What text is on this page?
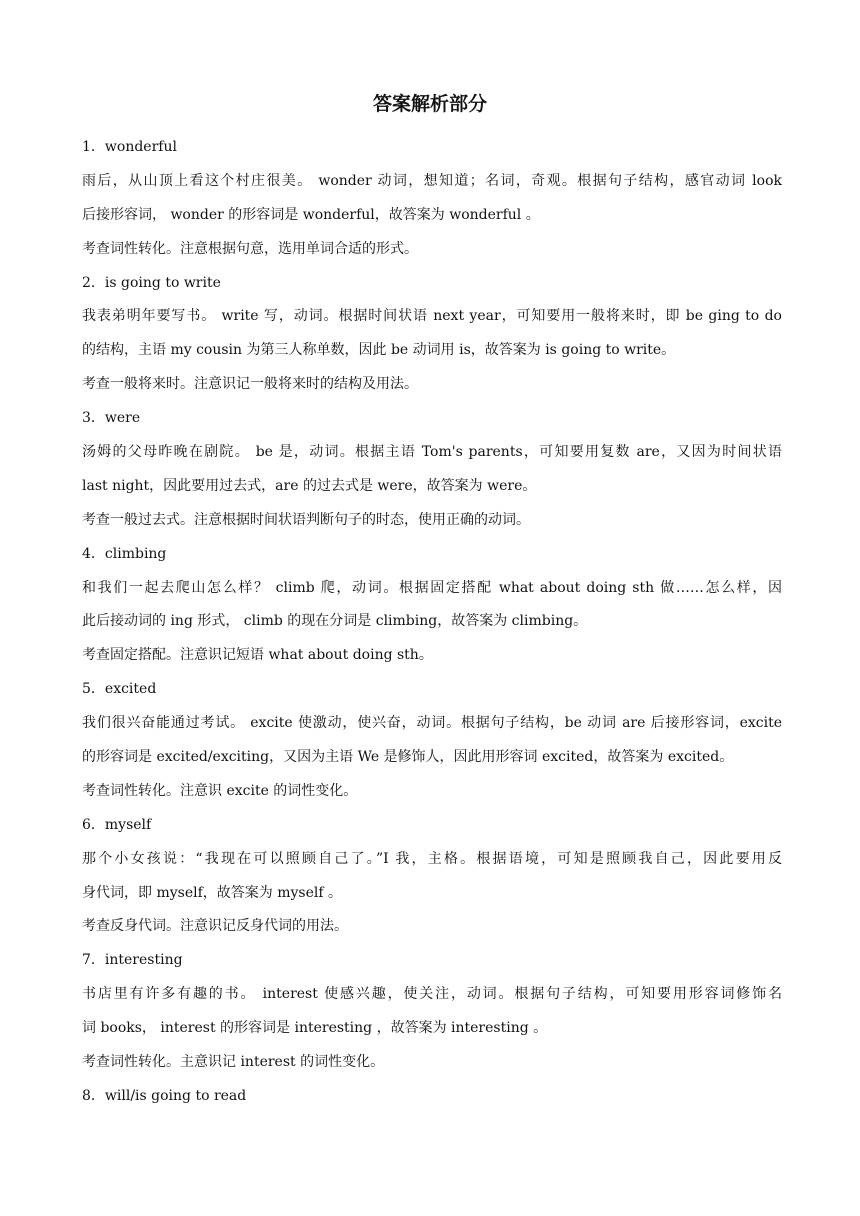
答案解析部分
1．wonderful
雨后，从山顶上看这个村庄很美。 wonder 动词，想知道；名词，奇观。根据句子结构，感官动词 look
后接形容词， wonder 的形容词是 wonderful，故答案为 wonderful 。
考查词性转化。注意根据句意，选用单词合适的形式。
2．is going to write
我表弟明年要写书。 write 写，动词。根据时间状语 next year，可知要用一般将来时，即 be ging to do
的结构，主语 my cousin 为第三人称单数，因此 be 动词用 is，故答案为 is going to write。
考查一般将来时。注意识记一般将来时的结构及用法。
3．were
汤姆的父母昨晚在剧院。 be 是，动词。根据主语 Tom's parents，可知要用复数 are，又因为时间状语
last night，因此要用过去式，are 的过去式是 were，故答案为 were。
考查一般过去式。注意根据时间状语判断句子的时态，使用正确的动词。
4．climbing
和我们一起去爬山怎么样？ climb 爬，动词。根据固定搭配 what about doing sth 做……怎么样，因
此后接动词的 ing 形式， climb 的现在分词是 climbing，故答案为 climbing。
考查固定搭配。注意识记短语 what about doing sth。
5．excited
我们很兴奋能通过考试。 excite 使激动，使兴奋，动词。根据句子结构，be 动词 are 后接形容词，excite
的形容词是 excited/exciting，又因为主语 We 是修饰人，因此用形容词 excited，故答案为 excited。
考查词性转化。注意识 excite 的词性变化。
6．myself
那个小女孩说：“我现在可以照顾自己了。”I 我，主格。根据语境，可知是照顾我自己，因此要用反
身代词，即 myself，故答案为 myself 。
考查反身代词。注意识记反身代词的用法。
7．interesting
书店里有许多有趣的书。 interest 使感兴趣，使关注，动词。根据句子结构，可知要用形容词修饰名
词 books， interest 的形容词是 interesting ，故答案为 interesting 。
考查词性转化。主意识记 interest 的词性变化。
8．will/is going to read
